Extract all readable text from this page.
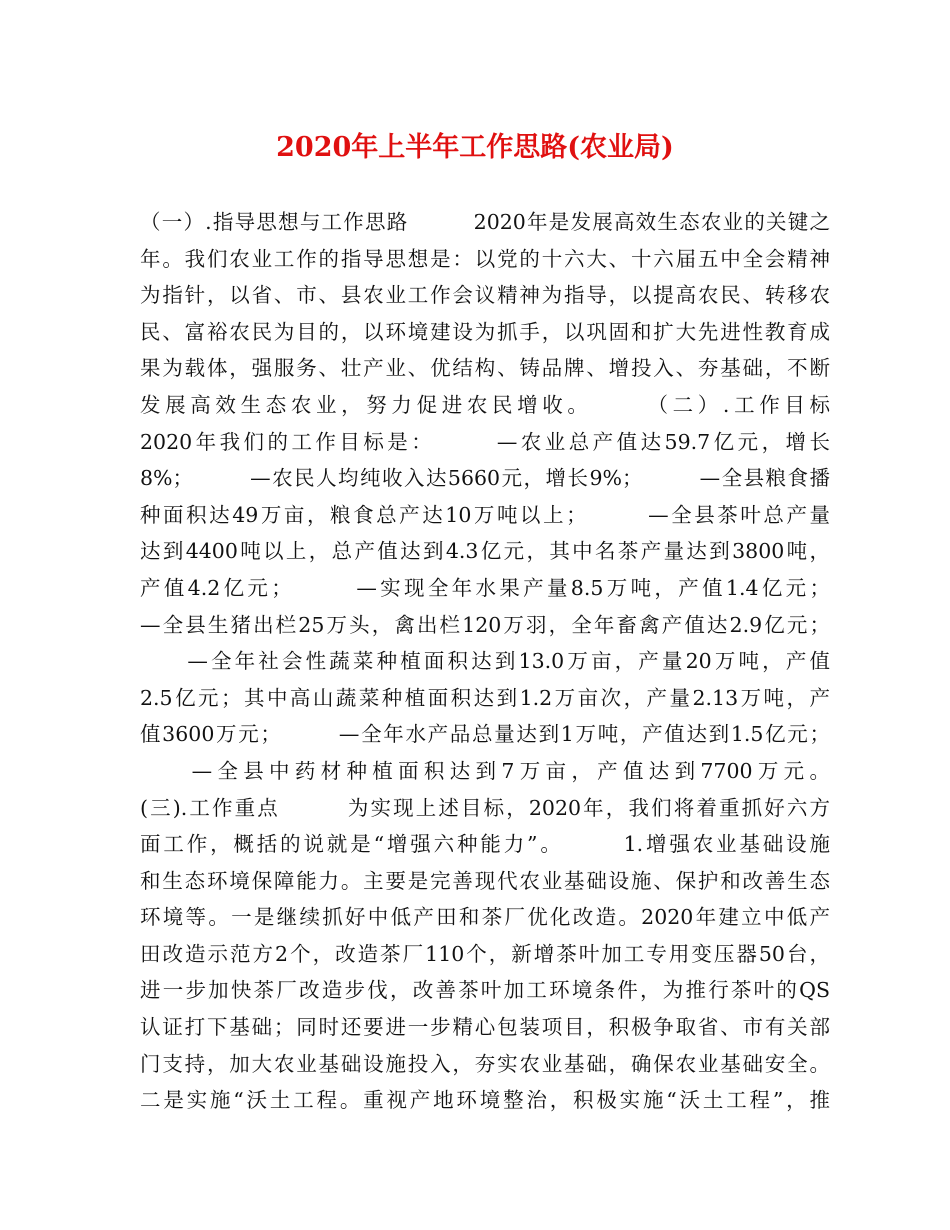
2020年上半年工作思路(农业局)
（一）.指导思想与工作思路　　　2020年是发展高效生态农业的关键之
年。我们农业工作的指导思想是：以党的十六大、十六届五中全会精神
为指针，以省、市、县农业工作会议精神为指导，以提高农民、转移农
民、富裕农民为目的，以环境建设为抓手，以巩固和扩大先进性教育成
果为载体，强服务、壮产业、优结构、铸品牌、增投入、夯基础，不断
发展高效生态农业，努力促进农民增收。　　　（二）.工作目标
2020年我们的工作目标是：　　　—农业总产值达59.7亿元，增长
8%；　　　—农民人均纯收入达5660元，增长9%；　　　—全县粮食播
种面积达49万亩，粮食总产达10万吨以上；　　　—全县茶叶总产量
达到4400吨以上，总产值达到4.3亿元，其中名茶产量达到3800吨，
产值4.2亿元；　　　—实现全年水果产量8.5万吨，产值1.4亿元；
—全县生猪出栏25万头，禽出栏120万羽，全年畜禽产值达2.9亿元；
　　—全年社会性蔬菜种植面积达到13.0万亩，产量20万吨，产值
2.5亿元；其中高山蔬菜种植面积达到1.2万亩次，产量2.13万吨，产
值3600万元；　　　—全年水产品总量达到1万吨，产值达到1.5亿元；
　　—全县中药材种植面积达到7万亩，产值达到7700万元。
(三).工作重点　　　为实现上述目标，2020年，我们将着重抓好六方
面工作，概括的说就是“增强六种能力”。　　　1.增强农业基础设施
和生态环境保障能力。主要是完善现代农业基础设施、保护和改善生态
环境等。一是继续抓好中低产田和茶厂优化改造。2020年建立中低产
田改造示范方2个，改造茶厂110个，新增茶叶加工专用变压器50台，
进一步加快茶厂改造步伐，改善茶叶加工环境条件，为推行茶叶的QS
认证打下基础；同时还要进一步精心包装项目，积极争取省、市有关部
门支持，加大农业基础设施投入，夯实农业基础，确保农业基础安全。
二是实施“沃土工程。重视产地环境整治，积极实施“沃土工程”，推
